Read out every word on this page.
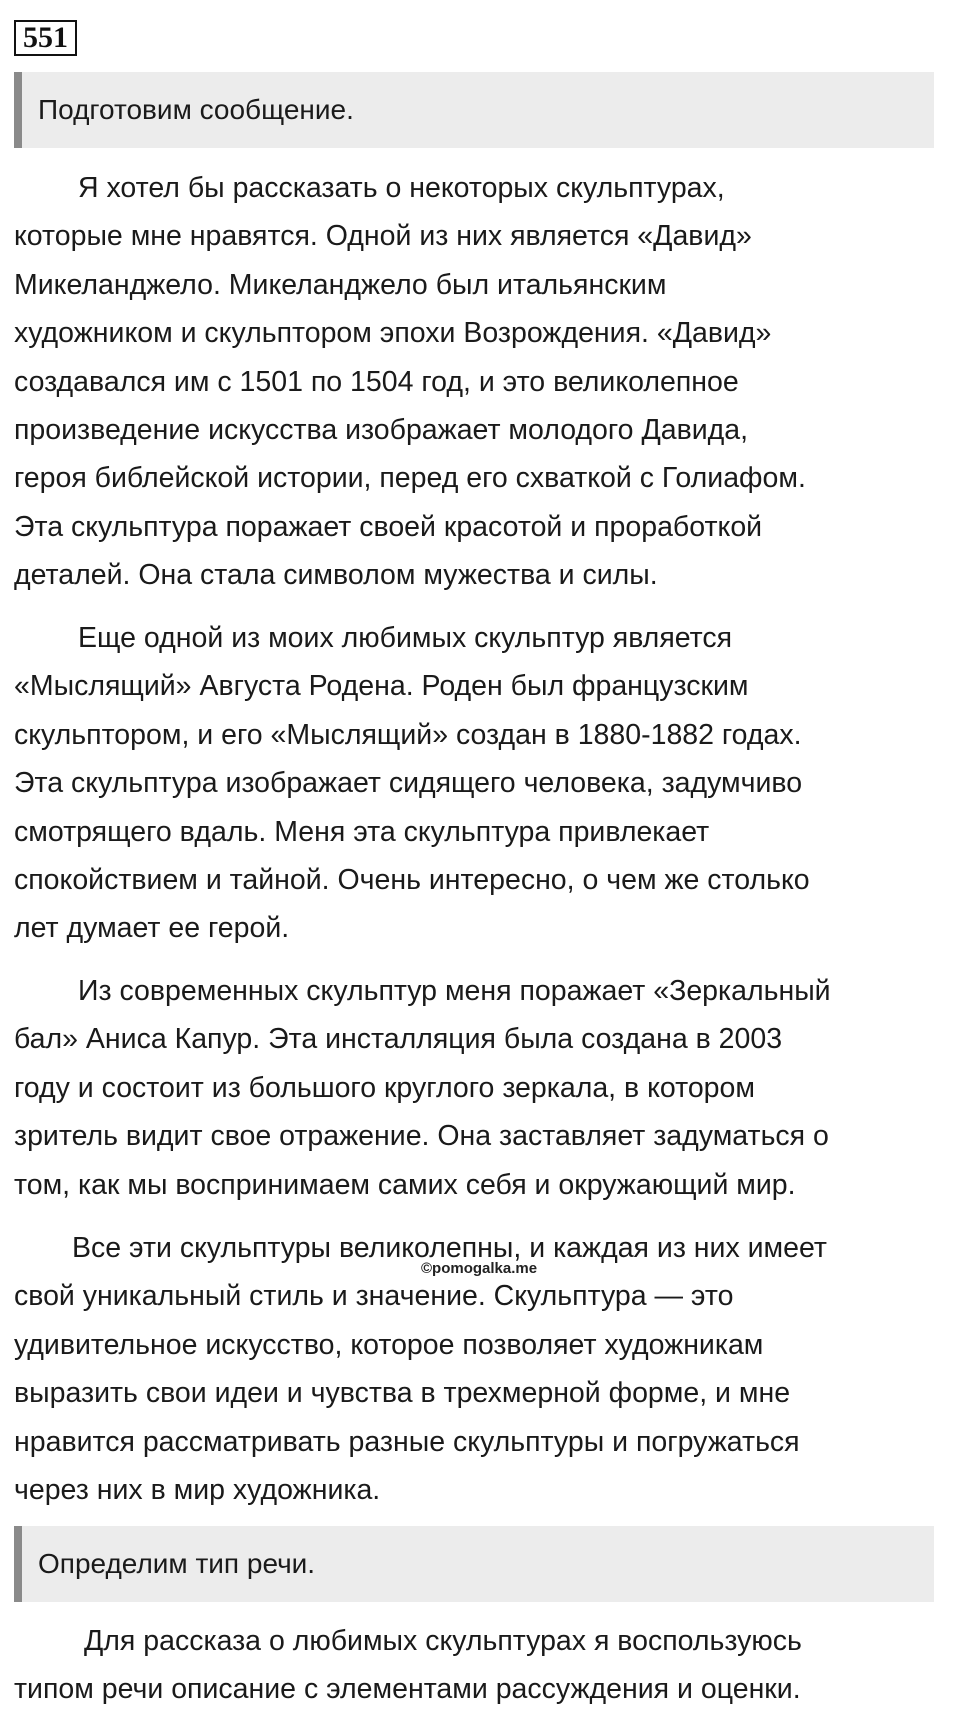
551
Подготовим сообщение.
Я хотел бы рассказать о некоторых скульптурах,
которые мне нравятся. Одной из них является «Давид»
Микеланджело. Микеланджело был итальянским
художником и скульптором эпохи Возрождения. «Давид»
создавался им с 1501 по 1504 год, и это великолепное
произведение искусства изображает молодого Давида,
героя библейской истории, перед его схваткой с Голиафом.
Эта скульптура поражает своей красотой и проработкой
деталей. Она стала символом мужества и силы.
Еще одной из моих любимых скульптур является
«Мыслящий» Августа Родена. Роден был французским
скульптором, и его «Мыслящий» создан в 1880-1882 годах.
Эта скульптура изображает сидящего человека, задумчиво
смотрящего вдаль. Меня эта скульптура привлекает
спокойствием и тайной. Очень интересно, о чем же столько
лет думает ее герой.
Из современных скульптур меня поражает «Зеркальный
бал» Аниса Капур. Эта инсталляция была создана в 2003
году и состоит из большого круглого зеркала, в котором
зритель видит свое отражение. Она заставляет задуматься о
том, как мы воспринимаем самих себя и окружающий мир.
Все эти скульптуры великолепны, и каждая из них имеет
свой уникальный стиль и значение. Скульптура — это
удивительное искусство, которое позволяет художникам
выразить свои идеи и чувства в трехмерной форме, и мне
нравится рассматривать разные скульптуры и погружаться
через них в мир художника.
©pomogalka.me
Определим тип речи.
Для рассказа о любимых скульптурах я воспользуюсь
типом речи описание с элементами рассуждения и оценки.
